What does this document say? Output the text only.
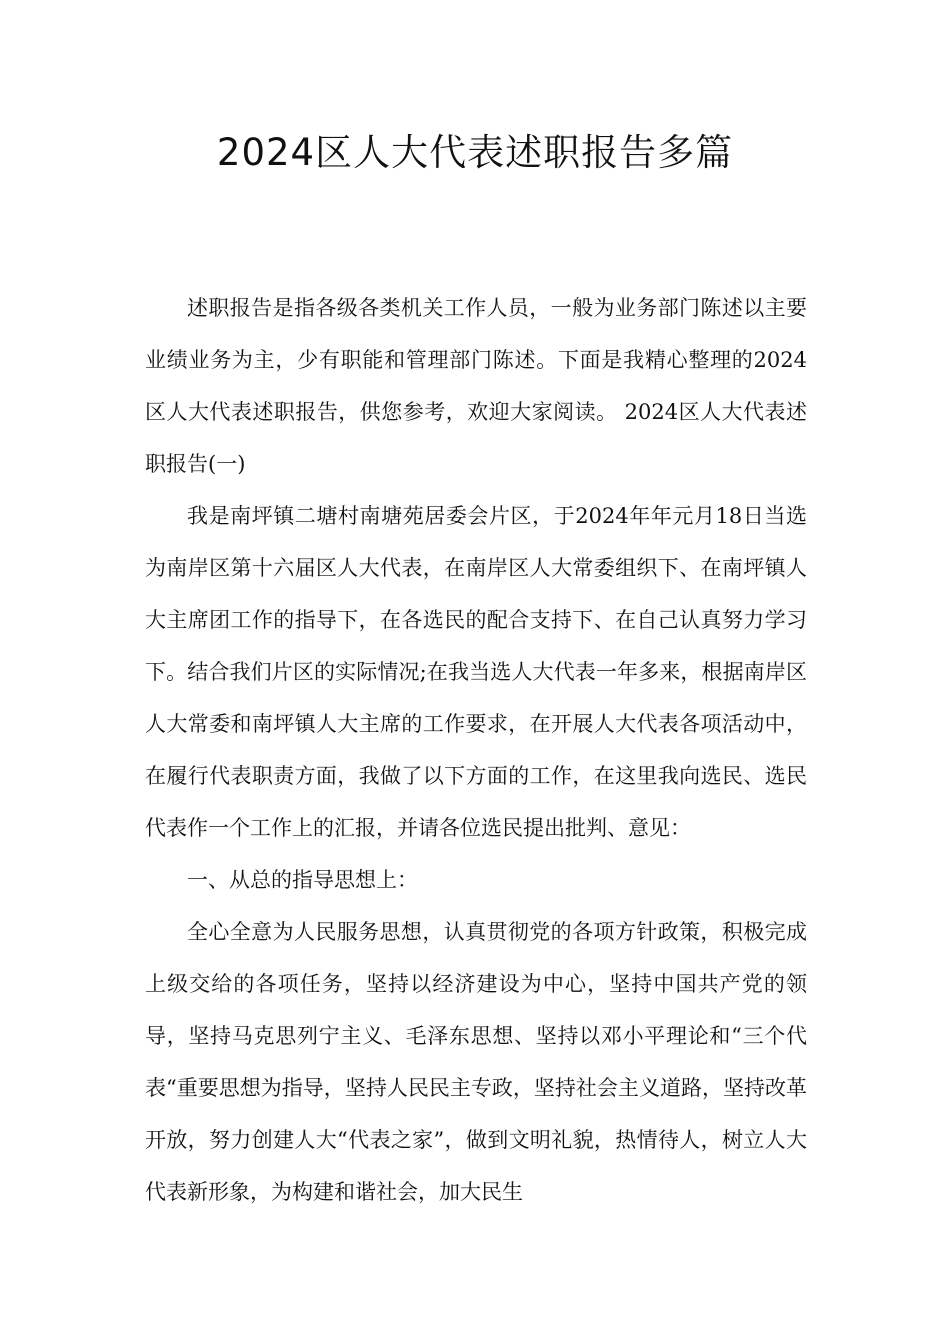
2024区人大代表述职报告多篇

述职报告是指各级各类机关工作人员，一般为业务部门陈述以主要业绩业务为主，少有职能和管理部门陈述。下面是我精心整理的2024区人大代表述职报告，供您参考，欢迎大家阅读。 2024区人大代表述职报告(一)

我是南坪镇二塘村南塘苑居委会片区，于2024年年元月18日当选为南岸区第十六届区人大代表，在南岸区人大常委组织下、在南坪镇人大主席团工作的指导下，在各选民的配合支持下、在自己认真努力学习下。结合我们片区的实际情况;在我当选人大代表一年多来，根据南岸区人大常委和南坪镇人大主席的工作要求，在开展人大代表各项活动中，在履行代表职责方面，我做了以下方面的工作，在这里我向选民、选民代表作一个工作上的汇报，并请各位选民提出批判、意见：

一、从总的指导思想上：

全心全意为人民服务思想，认真贯彻党的各项方针政策，积极完成上级交给的各项任务，坚持以经济建设为中心，坚持中国共产党的领导，坚持马克思列宁主义、毛泽东思想、坚持以邓小平理论和“三个代表“重要思想为指导，坚持人民民主专政，坚持社会主义道路，坚持改革开放，努力创建人大“代表之家”，做到文明礼貌，热情待人，树立人大代表新形象，为构建和谐社会，加大民生
